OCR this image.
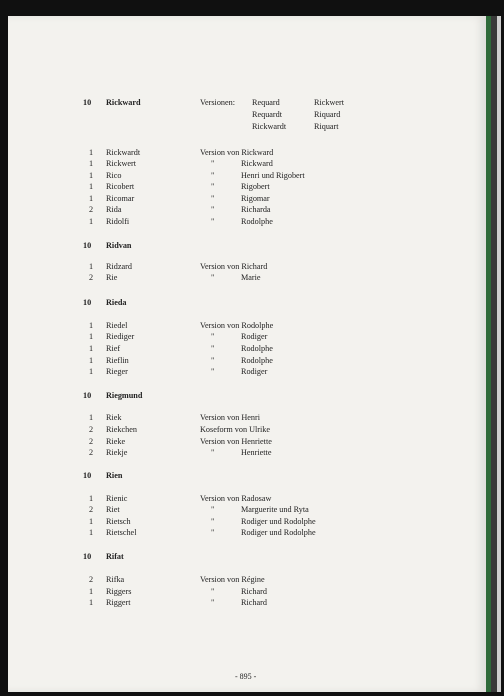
10 Rickward	Versionen: Requard	Rickwert
Requardt	Riquard
Rickwardt	Riquart
1 Rickwardt	Version von Rickward
1 Rickwert	"	Rickward
1 Rico	"	Henri und Rigobert
1 Ricobert	"	Rigobert
1 Ricomar	"	Rigomar
2 Rida	"	Richarda
1 Ridolfi	"	Rodolphe
10 Ridvan
1 Ridzard	Version von Richard
2 Rie	"	Marie
10 Rieda
1 Riedel	Version von Rodolphe
1 Riediger	"	Rodiger
1 Rief	"	Rodolphe
1 Rieflin	"	Rodolphe
1 Rieger	"	Rodiger
10 Riegmund
1 Riek	Version von Henri
2 Riekchen	Koseform von Ulrike
2 Rieke	Version von Henriette
2 Riekje	"	Henriette
10 Rien
1 Rienic	Version von Radosaw
2 Riet	"	Marguerite und Ryta
1 Rietsch	"	Rodiger und Rodolphe
1 Rietschel	"	Rodiger und Rodolphe
10 Rifat
2 Rifka	Version von Régine
1 Riggers	"	Richard
1 Riggert	"	Richard
- 895 -
